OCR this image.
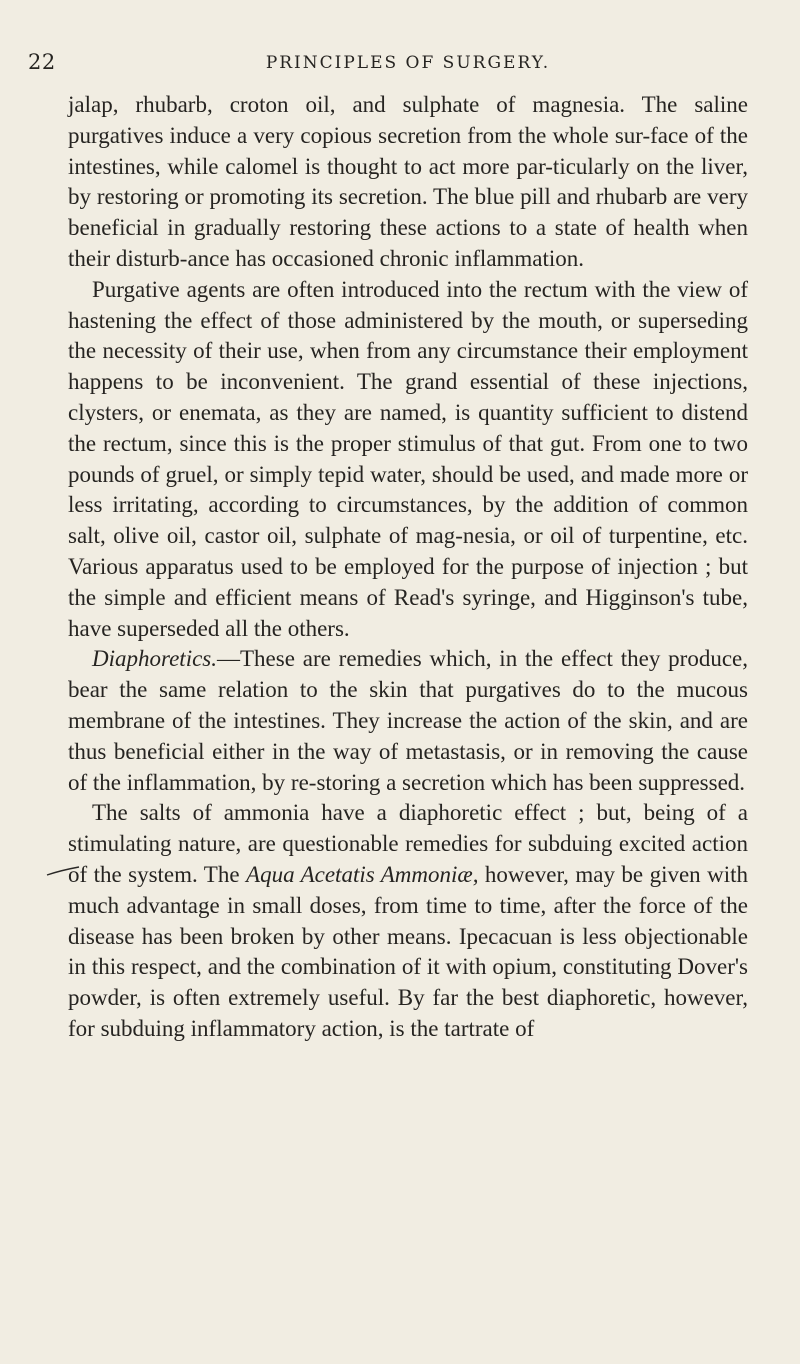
22	PRINCIPLES OF SURGERY.

jalap, rhubarb, croton oil, and sulphate of magnesia. The saline purgatives induce a very copious secretion from the whole sur-face of the intestines, while calomel is thought to act more par-ticularly on the liver, by restoring or promoting its secretion. The blue pill and rhubarb are very beneficial in gradually restoring these actions to a state of health when their disturb-ance has occasioned chronic inflammation.

Purgative agents are often introduced into the rectum with the view of hastening the effect of those administered by the mouth, or superseding the necessity of their use, when from any circumstance their employment happens to be inconvenient. The grand essential of these injections, clysters, or enemata, as they are named, is quantity sufficient to distend the rectum, since this is the proper stimulus of that gut. From one to two pounds of gruel, or simply tepid water, should be used, and made more or less irritating, according to circumstances, by the addition of common salt, olive oil, castor oil, sulphate of mag-nesia, or oil of turpentine, etc. Various apparatus used to be employed for the purpose of injection ; but the simple and efficient means of Read's syringe, and Higginson's tube, have superseded all the others.

Diaphoretics.—These are remedies which, in the effect they produce, bear the same relation to the skin that purgatives do to the mucous membrane of the intestines. They increase the action of the skin, and are thus beneficial either in the way of metastasis, or in removing the cause of the inflammation, by re-storing a secretion which has been suppressed.

The salts of ammonia have a diaphoretic effect ; but, being of a stimulating nature, are questionable remedies for subduing excited action of the system. The Aqua Acetatis Ammoniæ, however, may be given with much advantage in small doses, from time to time, after the force of the disease has been broken by other means. Ipecacuan is less objectionable in this respect, and the combination of it with opium, constituting Dover's powder, is often extremely useful. By far the best diaphoretic, however, for subduing inflammatory action, is the tartrate of
